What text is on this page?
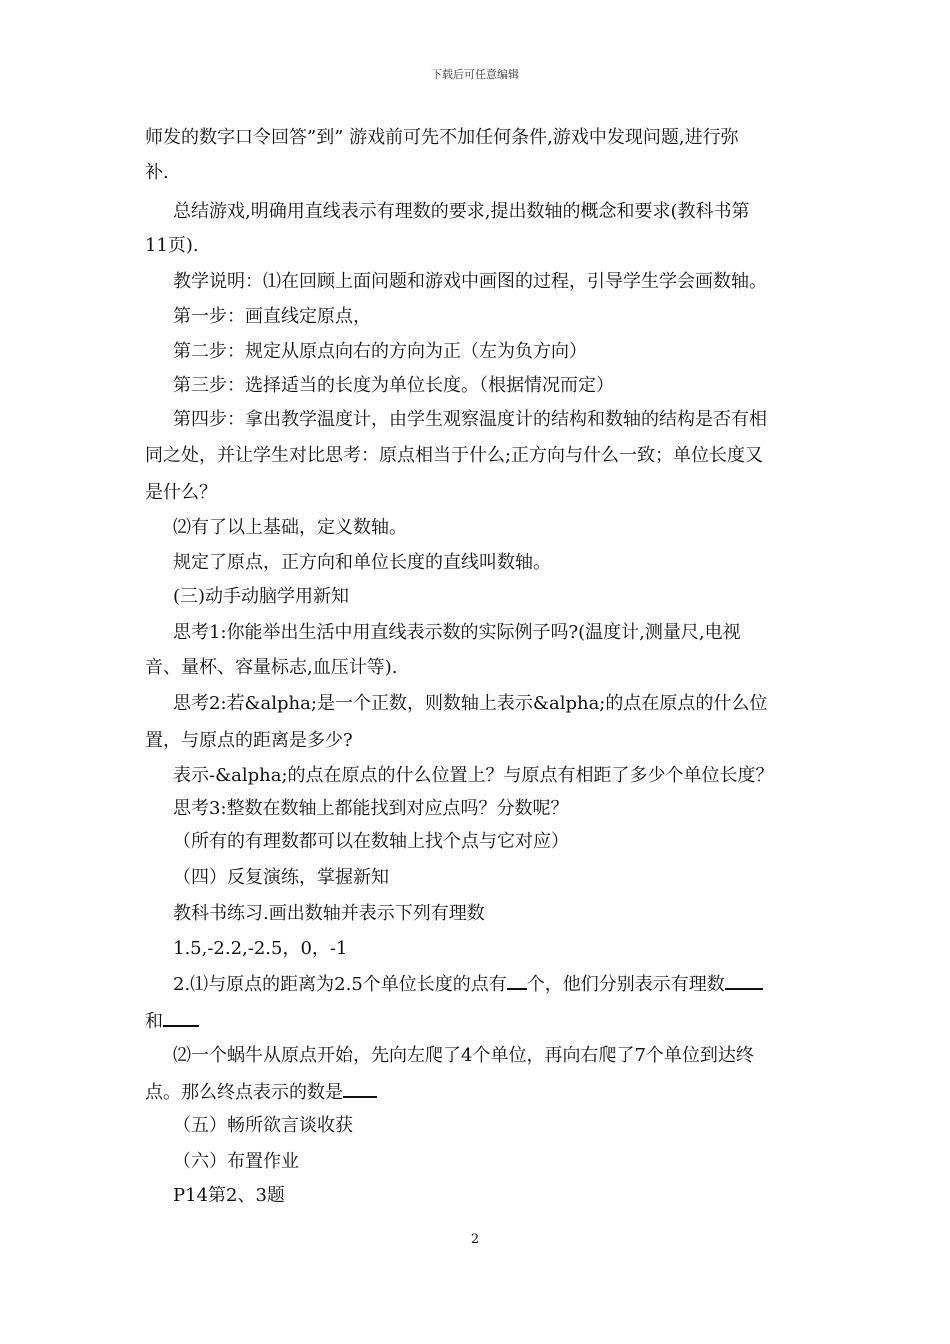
下载后可任意编辑
师发的数字口令回答”到” 游戏前可先不加任何条件,游戏中发现问题,进行弥
补.
总结游戏,明确用直线表示有理数的要求,提出数轴的概念和要求(教科书第
11页).
教学说明：⑴在回顾上面问题和游戏中画图的过程，引导学生学会画数轴。
第一步：画直线定原点，
第二步：规定从原点向右的方向为正（左为负方向）
第三步：选择适当的长度为单位长度。（根据情况而定）
第四步：拿出教学温度计，由学生观察温度计的结构和数轴的结构是否有相
同之处，并让学生对比思考：原点相当于什么;正方向与什么一致；单位长度又
是什么？
⑵有了以上基础，定义数轴。
规定了原点，正方向和单位长度的直线叫数轴。
(三)动手动脑学用新知
思考1:你能举出生活中用直线表示数的实际例子吗?(温度计,测量尺,电视
音、量杯、容量标志,血压计等).
思考2:若&alpha;是一个正数，则数轴上表示&alpha;的点在原点的什么位
置，与原点的距离是多少?
表示-&alpha;的点在原点的什么位置上？与原点有相距了多少个单位长度？
思考3:整数在数轴上都能找到对应点吗？分数呢？
（所有的有理数都可以在数轴上找个点与它对应）
（四）反复演练，掌握新知
教科书练习.画出数轴并表示下列有理数
1.5,-2.2,-2.5，0，-1
2.⑴与原点的距离为2.5个单位长度的点有 个，他们分别表示有理数
和
⑵一个蜗牛从原点开始，先向左爬了4个单位，再向右爬了7个单位到达终
点。那么终点表示的数是
（五）畅所欲言谈收获
（六）布置作业
P14第2、3题
2
